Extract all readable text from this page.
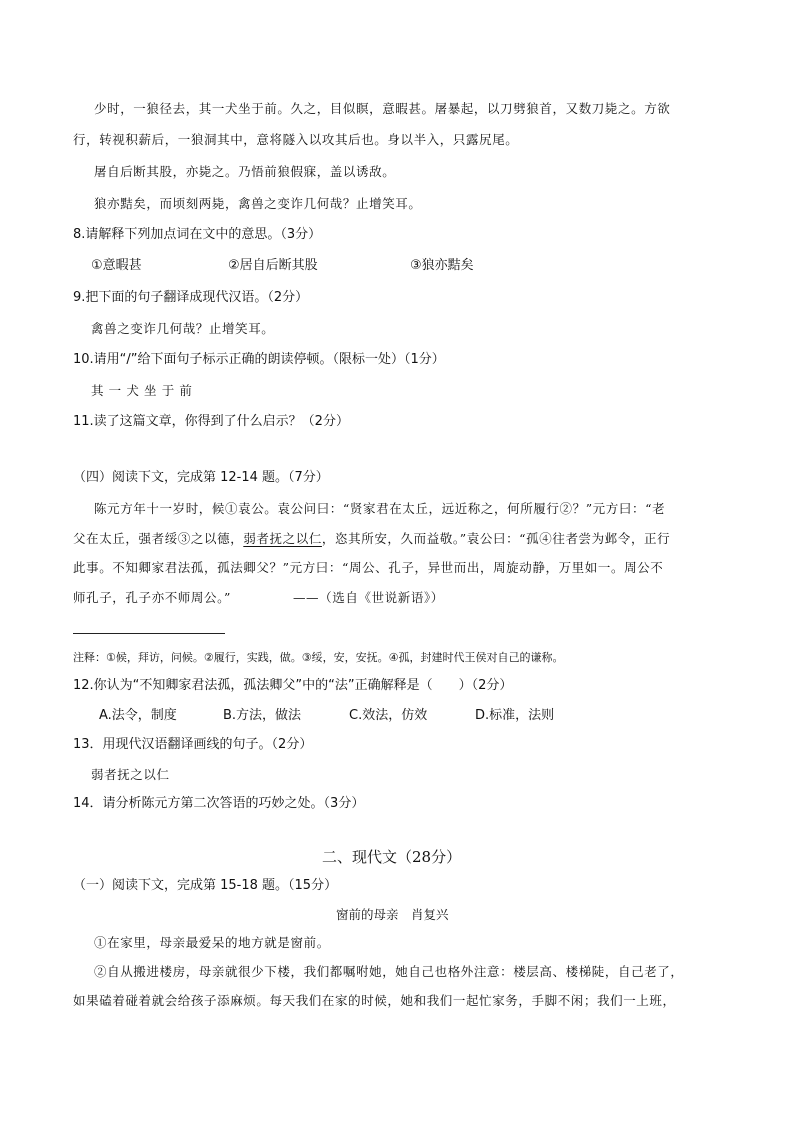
少时，一狼径去，其一犬坐于前。久之，目似瞑，意暇甚。屠暴起，以刀劈狼首，又数刀毙之。方欲
行，转视积薪后，一狼洞其中，意将隧入以攻其后也。身以半入，只露尻尾。
屠自后断其股，亦毙之。乃悟前狼假寐，盖以诱敌。
狼亦黠矣，而顷刻两毙，禽兽之变诈几何哉？止增笑耳。
8.请解释下列加点词在文中的意思。（3分）
①意暇甚	②居自后断其股	③狼亦黠矣
9.把下面的句子翻译成现代汉语。（2分）
禽兽之变诈几何哉？止增笑耳。
10.请用“/”给下面句子标示正确的朗读停顿。（限标一处）（1分）
其 一 犬 坐 于 前
11.读了这篇文章，你得到了什么启示？（2分）
（四）阅读下文，完成第 12-14 题。（7分）
陈元方年十一岁时，候①袁公。袁公问曰：“贤家君在太丘，远近称之，何所履行②？”元方曰：“老
父在太丘，强者绥③之以德，弱者抚之以仁，恣其所安，久而益敬。”袁公曰：“孤④往者尝为邺令，正行
此事。不知卿家君法孤，孤法卿父？”元方曰：“周公、孔子，异世而出，周旋动静，万里如一。周公不
师孔子，孔子亦不师周公。”	——（选自《世说新语》）
注释：①候，拜访，问候。②履行，实践，做。③绥，安，安抚。④孤，封建时代王侯对自己的谦称。
12.你认为“不知卿家君法孤，孤法卿父”中的“法”正确解释是（　　）（2分）
A.法令，制度	B.方法，做法	C.效法，仿效	D.标准，法则
13．用现代汉语翻译画线的句子。（2分）
弱者抚之以仁
14．请分析陈元方第二次答语的巧妙之处。（3分）
二、现代文（28分）
（一）阅读下文，完成第 15-18 题。（15分）
窗前的母亲　肖复兴
①在家里，母亲最爱呆的地方就是窗前。
②自从搬进楼房，母亲就很少下楼，我们都嘱咐她，她自己也格外注意：楼层高、楼梯陡，自己老了，
如果磕着碰着就会给孩子添麻烦。每天我们在家的时候，她和我们一起忙家务，手脚不闲；我们一上班，
